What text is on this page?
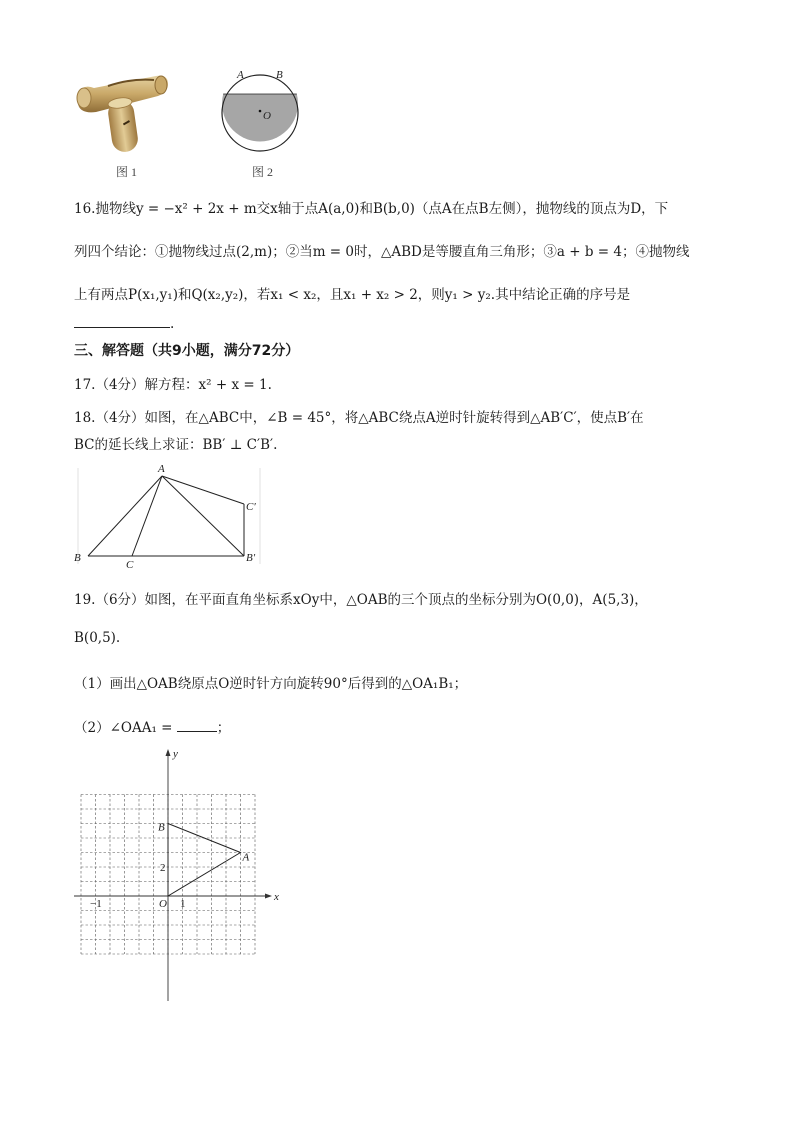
图 1
A	B
O
图 2
16.抛物线y = −x² + 2x + m交x轴于点A(a,0)和B(b,0)（点A在点B左侧），抛物线的顶点为D，下
列四个结论：①抛物线过点(2,m)；②当m = 0时，△ABD是等腰直角三角形；③a + b = 4；④抛物线
上有两点P(x₁,y₁)和Q(x₂,y₂)，若x₁ < x₂，且x₁ + x₂ > 2，则y₁ > y₂.其中结论正确的序号是
.
三、解答题（共9小题，满分72分）
17.（4分）解方程：x² + x = 1.
18.（4分）如图，在△ABC中，∠B = 45°，将△ABC绕点A逆时针旋转得到△AB′C′，使点B′在
BC的延长线上求证：BB′ ⊥ C′B′.
A
B
C
B′
C′
19.（6分）如图，在平面直角坐标系xOy中，△OAB的三个顶点的坐标分别为O(0,0)，A(5,3)，
B(0,5).
（1）画出△OAB绕原点O逆时针方向旋转90°后得到的△OA₁B₁；
（2）∠OAA₁ =	；
y
x
O
−1	1
2
A
B
